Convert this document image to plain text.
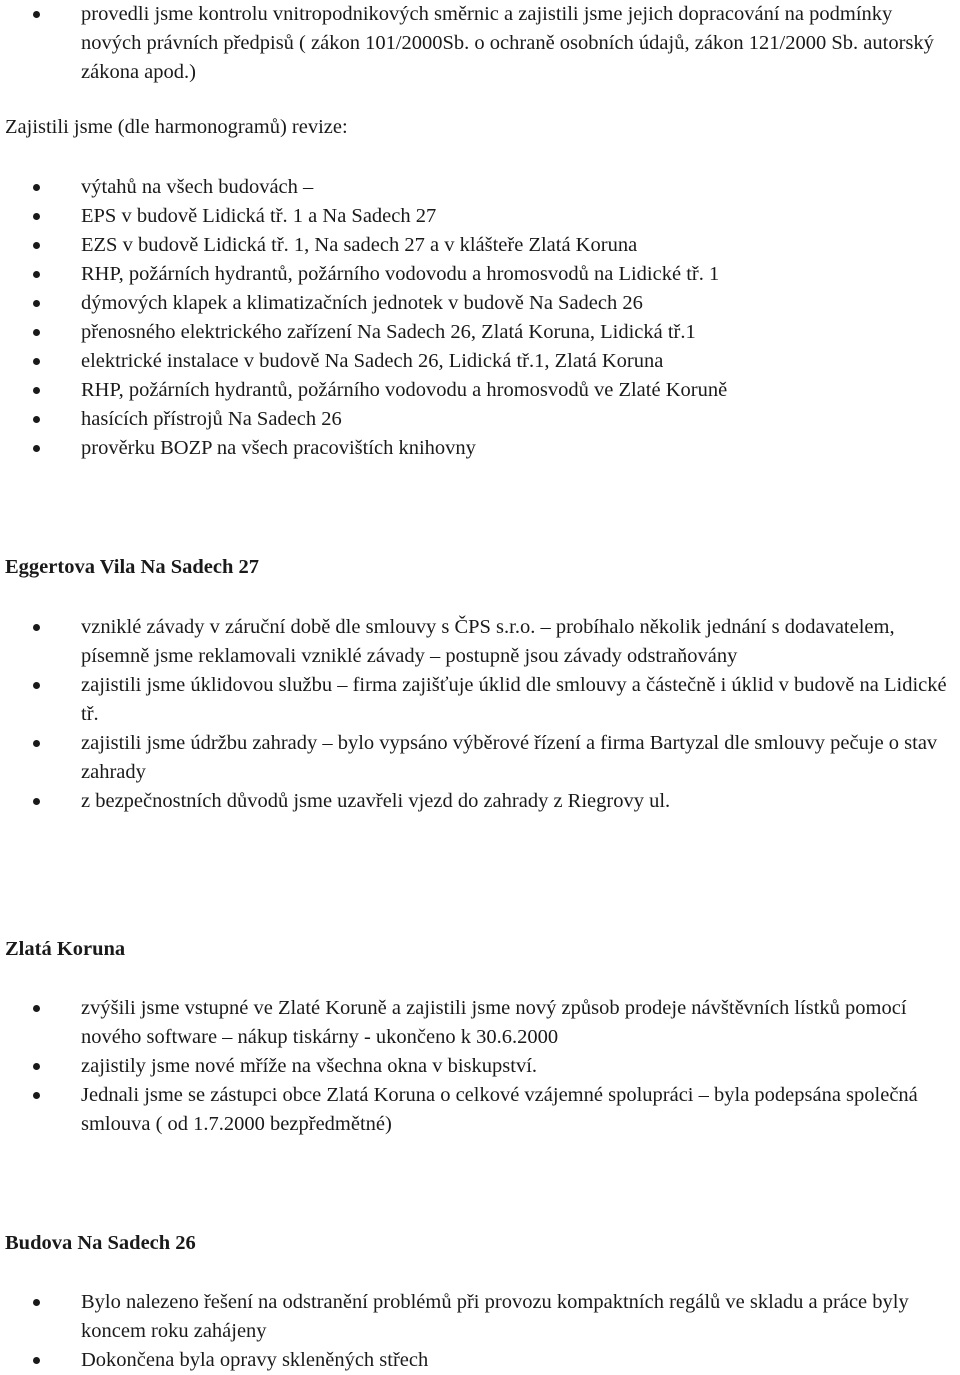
provedli jsme kontrolu vnitropodnikových směrnic a zajistili jsme jejich dopracování na podmínky nových právních předpisů ( zákon 101/2000Sb. o ochraně osobních údajů, zákon 121/2000 Sb. autorský zákona apod.)
Zajistili jsme (dle harmonogramů) revize:
výtahů na všech budovách –
EPS v budově Lidická tř. 1 a Na Sadech 27
EZS v budově Lidická tř. 1, Na sadech 27 a v klášteře Zlatá Koruna
RHP, požárních hydrantů, požárního vodovodu a hromosvodů na Lidické tř. 1
dýmových klapek a klimatizačních jednotek v budově Na Sadech 26
přenosného elektrického zařízení Na Sadech 26, Zlatá Koruna, Lidická tř.1
elektrické instalace v budově Na Sadech 26, Lidická tř.1, Zlatá Koruna
RHP, požárních hydrantů, požárního vodovodu a hromosvodů ve Zlaté Koruně
hasících přístrojů Na Sadech 26
prověrku BOZP na všech pracovištích knihovny
Eggertova Vila Na Sadech 27
vzniklé závady v záruční době dle smlouvy s ČPS s.r.o. – probíhalo několik jednání s dodavatelem, písemně jsme reklamovali vzniklé závady – postupně jsou závady odstraňovány
zajistili jsme úklidovou službu – firma zajišťuje úklid dle smlouvy a částečně i úklid v budově na Lidické tř.
zajistili jsme údržbu zahrady – bylo vypsáno výběrové řízení a firma Bartyzal dle smlouvy pečuje o stav zahrady
z bezpečnostních důvodů jsme uzavřeli vjezd do zahrady z Riegrovy ul.
Zlatá Koruna
zvýšili jsme vstupné ve Zlaté Koruně a zajistili jsme nový způsob prodeje návštěvních lístků pomocí nového software – nákup tiskárny - ukončeno k 30.6.2000
zajistily jsme nové mříže na všechna okna v biskupství.
Jednali jsme se zástupci obce Zlatá Koruna o celkové vzájemné spolupráci – byla podepsána společná smlouva ( od 1.7.2000 bezpředmětné)
Budova Na Sadech 26
Bylo nalezeno řešení na odstranění problémů při provozu kompaktních regálů ve skladu a práce byly koncem roku zahájeny
Dokončena byla opravy skleněných střech
